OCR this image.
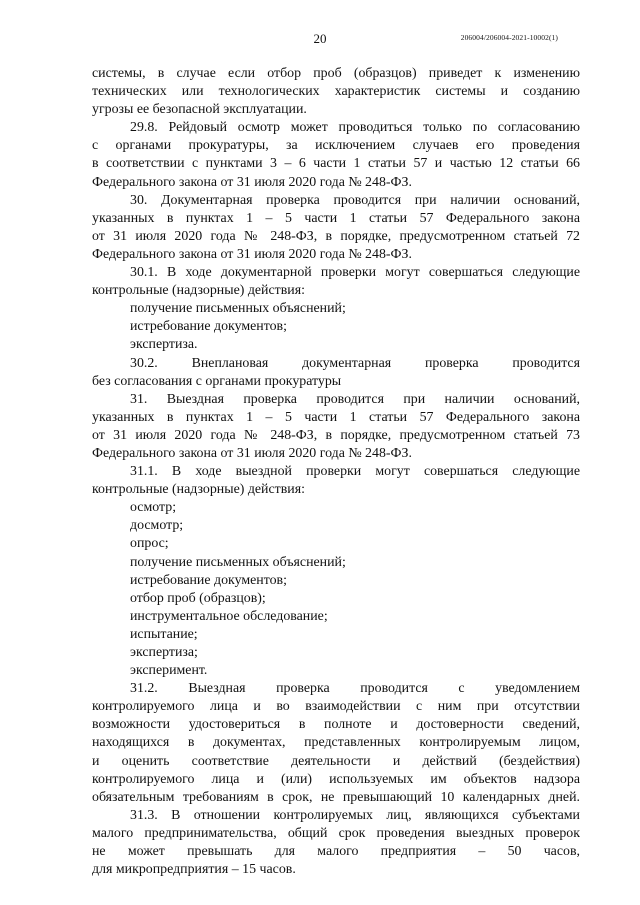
20	206004/206004-2021-10002(1)
системы, в случае если отбор проб (образцов) приведет к изменению
технических или технологических характеристик системы и созданию
угрозы ее безопасной эксплуатации.
29.8. Рейдовый осмотр может проводиться только по согласованию
с органами прокуратуры, за исключением случаев его проведения
в соответствии с пунктами 3 – 6 части 1 статьи 57 и частью 12 статьи 66
Федерального закона от 31 июля 2020 года № 248-ФЗ.
30. Документарная проверка проводится при наличии оснований,
указанных в пунктах 1 – 5 части 1 статьи 57 Федерального закона
от 31 июля 2020 года № 248-ФЗ, в порядке, предусмотренном статьей 72
Федерального закона от 31 июля 2020 года № 248-ФЗ.
30.1. В ходе документарной проверки могут совершаться следующие
контрольные (надзорные) действия:
получение письменных объяснений;
истребование документов;
экспертиза.
30.2. Внеплановая документарная проверка проводится
без согласования с органами прокуратуры
31. Выездная проверка проводится при наличии оснований,
указанных в пунктах 1 – 5 части 1 статьи 57 Федерального закона
от 31 июля 2020 года № 248-ФЗ, в порядке, предусмотренном статьей 73
Федерального закона от 31 июля 2020 года № 248-ФЗ.
31.1. В ходе выездной проверки могут совершаться следующие
контрольные (надзорные) действия:
осмотр;
досмотр;
опрос;
получение письменных объяснений;
истребование документов;
отбор проб (образцов);
инструментальное обследование;
испытание;
экспертиза;
эксперимент.
31.2. Выездная проверка проводится с уведомлением
контролируемого лица и во взаимодействии с ним при отсутствии
возможности удостовериться в полноте и достоверности сведений,
находящихся в документах, представленных контролируемым лицом,
и оценить соответствие деятельности и действий (бездействия)
контролируемого лица и (или) используемых им объектов надзора
обязательным требованиям в срок, не превышающий 10 календарных дней.
31.3. В отношении контролируемых лиц, являющихся субъектами
малого предпринимательства, общий срок проведения выездных проверок
не может превышать для малого предприятия – 50 часов,
для микропредприятия – 15 часов.
